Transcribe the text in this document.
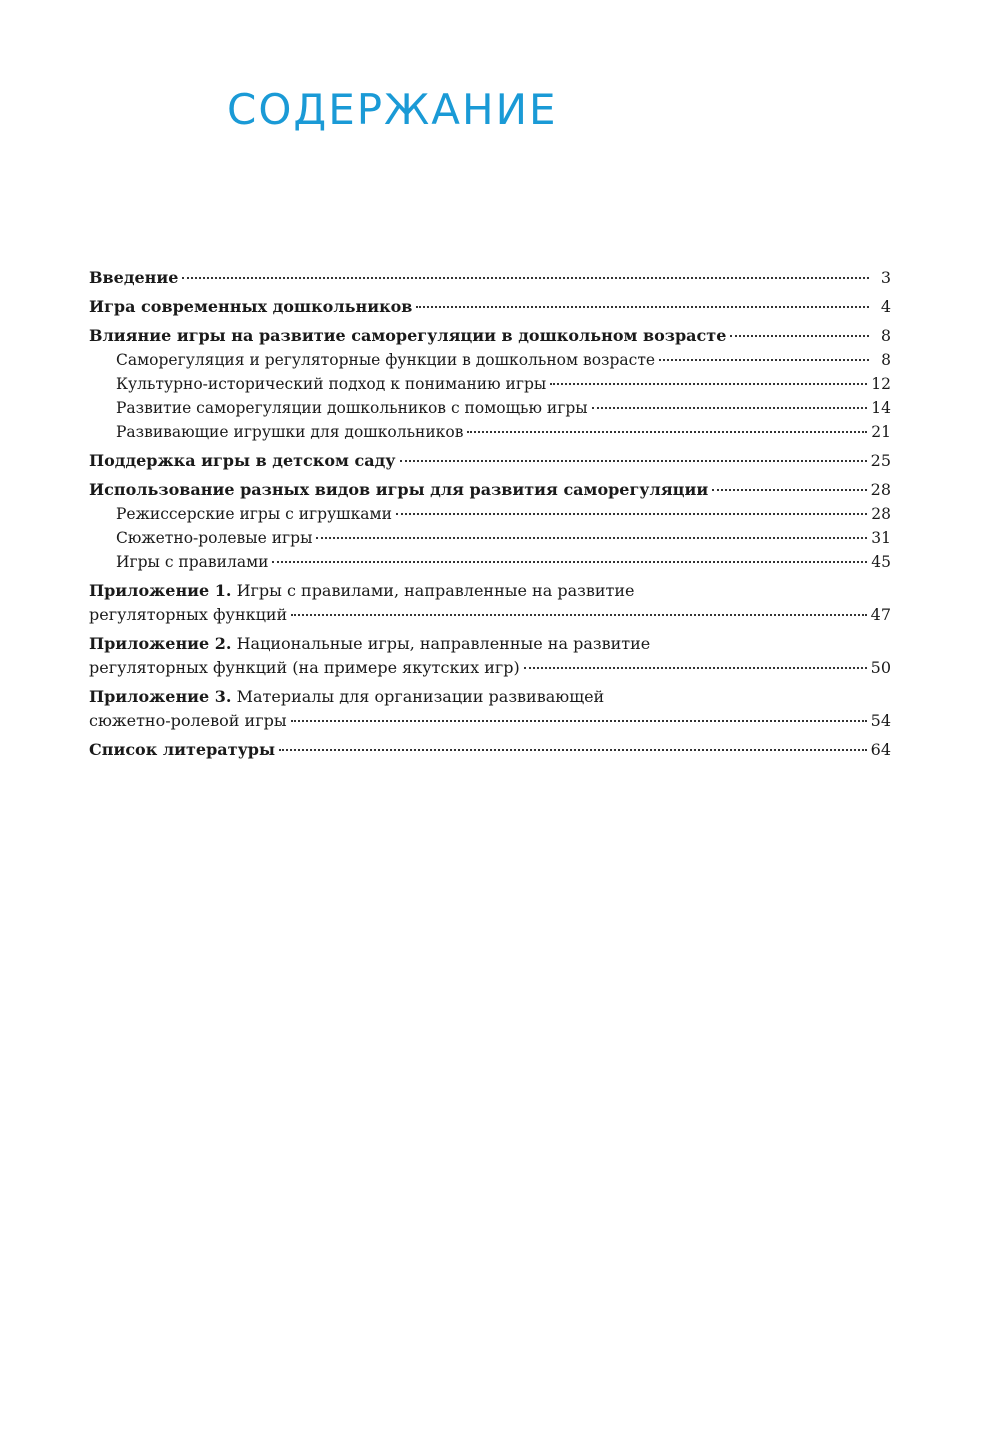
СОДЕРЖАНИЕ
Введение	3
Игра современных дошкольников	4
Влияние игры на развитие саморегуляции в дошкольном возрасте	8
Саморегуляция и регуляторные функции в дошкольном возрасте	8
Культурно-исторический подход к пониманию игры	12
Развитие саморегуляции дошкольников с помощью игры	14
Развивающие игрушки для дошкольников	21
Поддержка игры в детском саду	25
Использование разных видов игры для развития саморегуляции	28
Режиссерские игры с игрушками	28
Сюжетно-ролевые игры	31
Игры с правилами	45
Приложение 1. Игры с правилами, направленные на развитие
регуляторных функций	47
Приложение 2. Национальные игры, направленные на развитие
регуляторных функций (на примере якутских игр)	50
Приложение 3. Материалы для организации развивающей
сюжетно-ролевой игры	54
Список литературы	64
